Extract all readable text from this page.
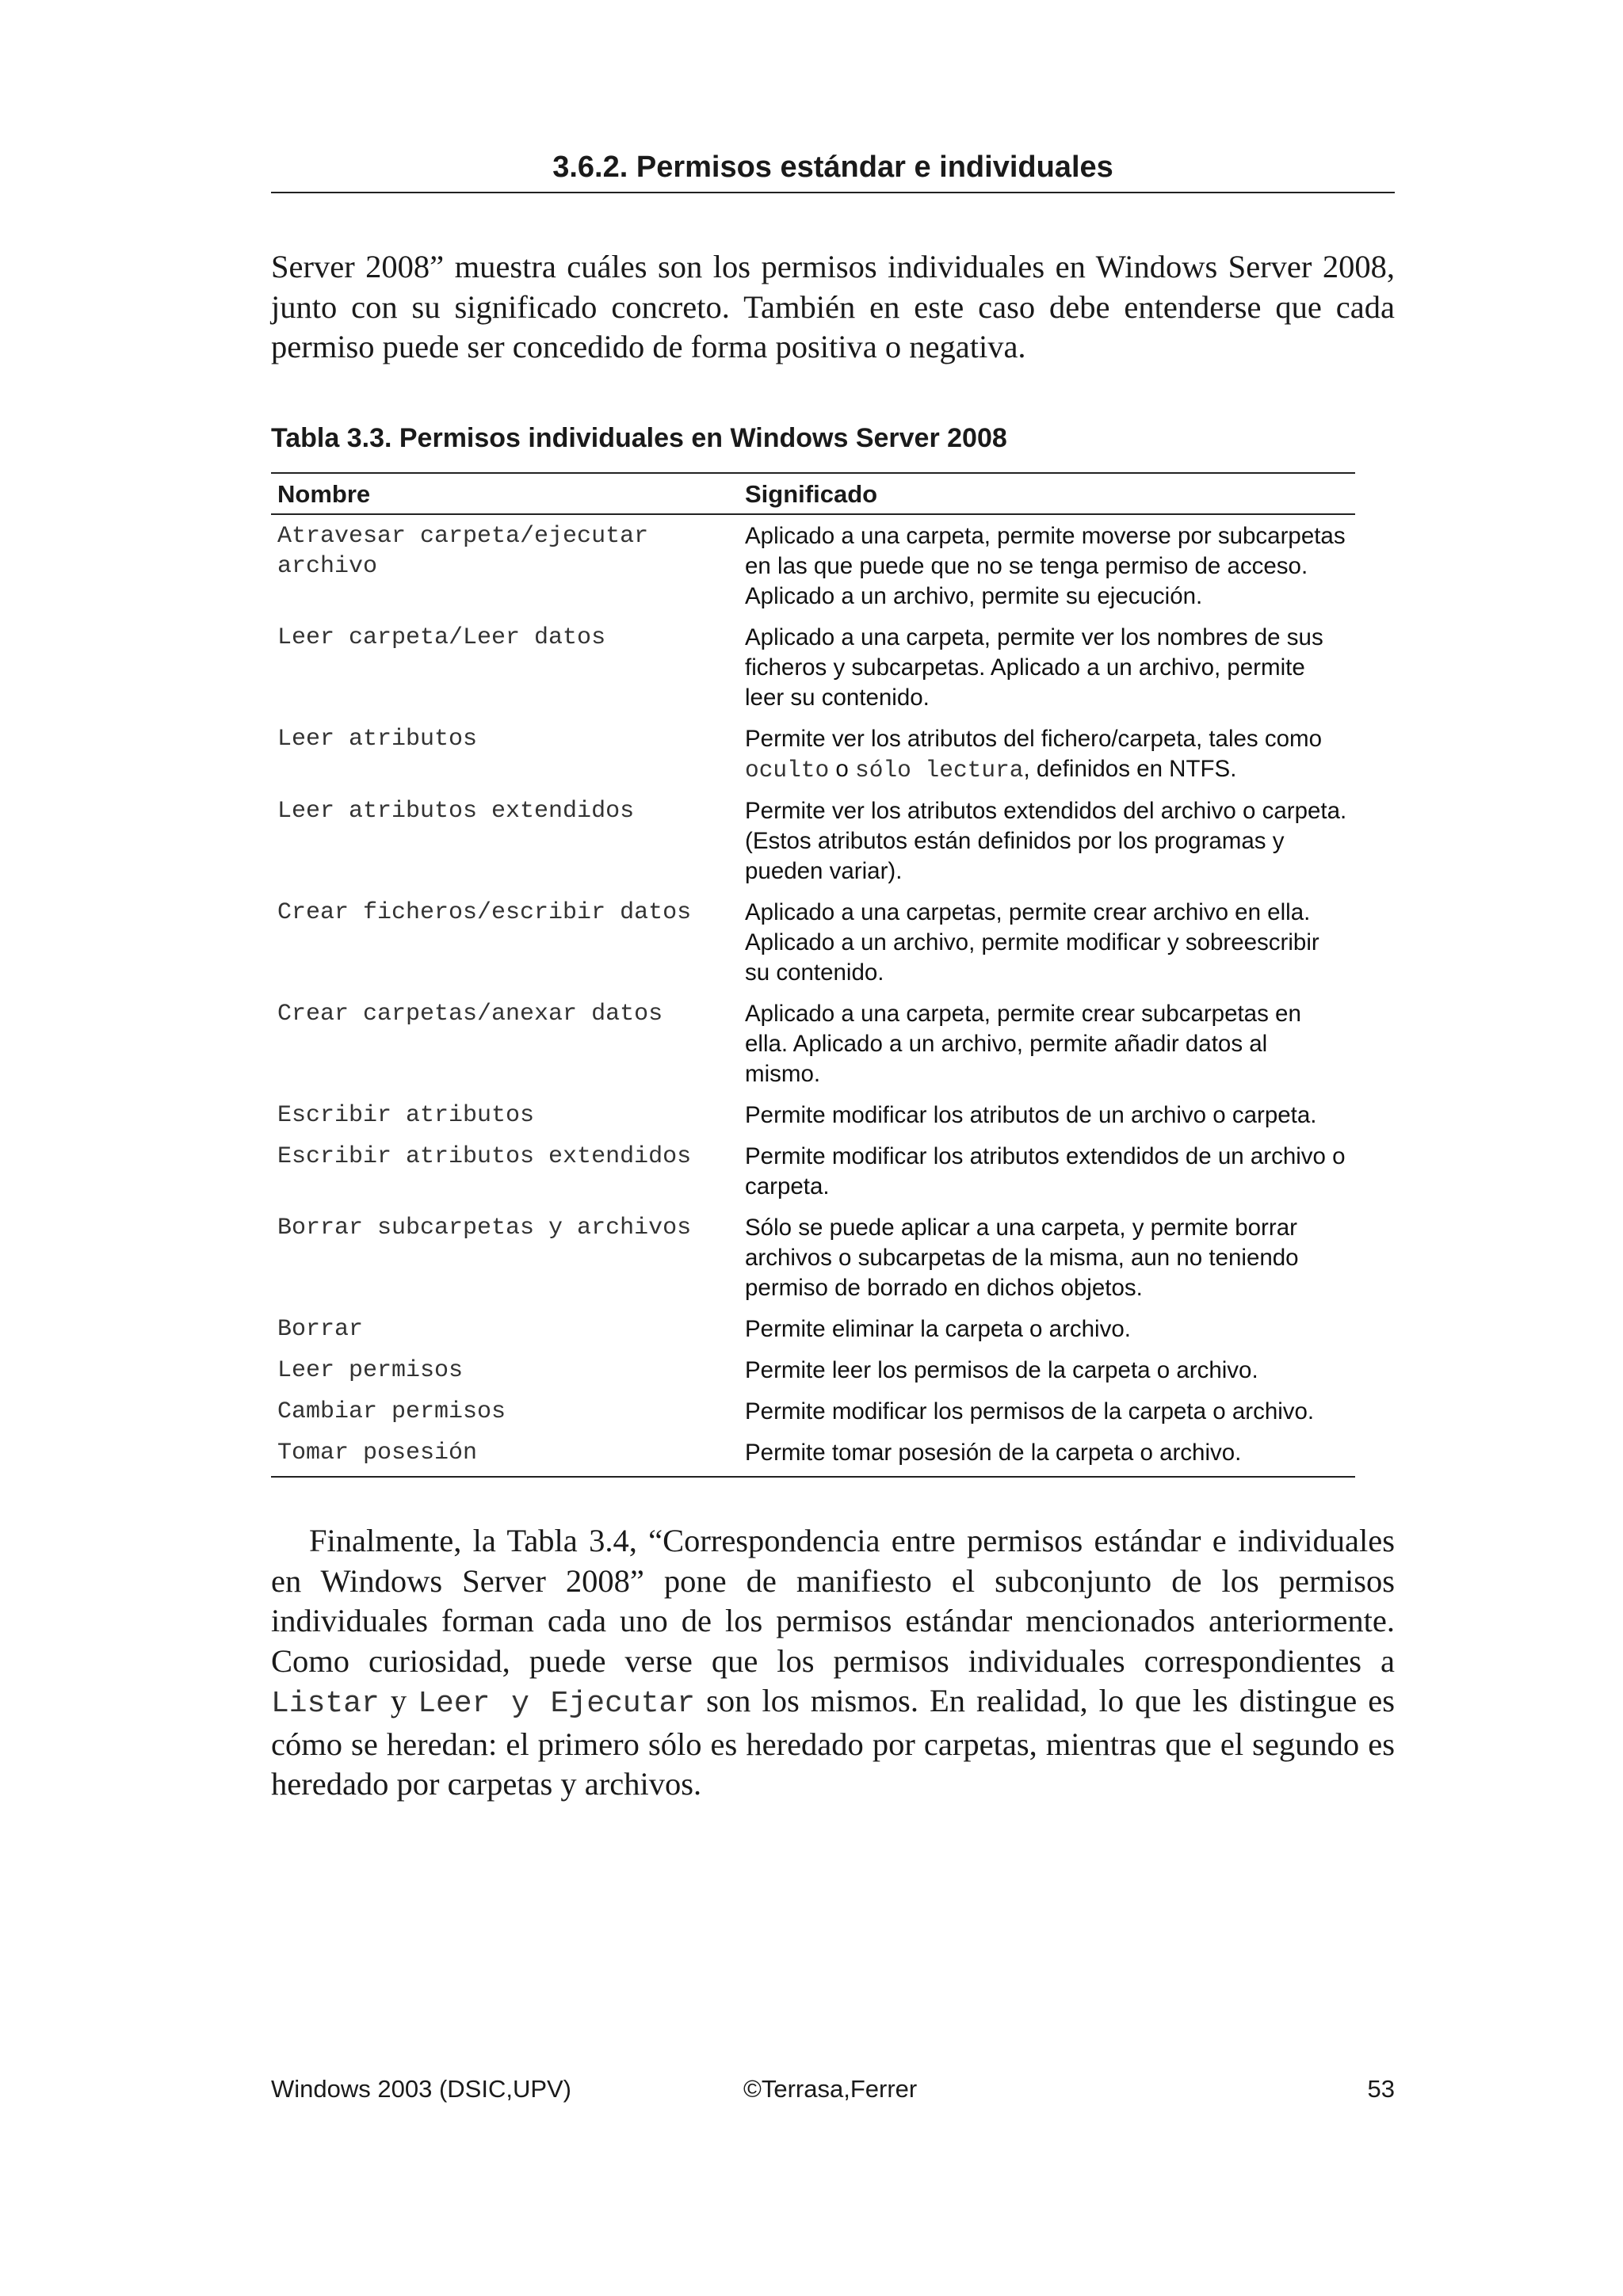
3.6.2. Permisos estándar e individuales

Server 2008” muestra cuáles son los permisos individuales en Windows Server 2008, junto con su significado concreto. También en este caso debe entenderse que cada permiso puede ser concedido de forma positiva o negativa.

Tabla 3.3. Permisos individuales en Windows Server 2008
Nombre	Significado
Atravesar carpeta/ejecutar archivo	Aplicado a una carpeta, permite moverse por subcarpetas en las que puede que no se tenga permiso de acceso. Aplicado a un archivo, permite su ejecución.
Leer carpeta/Leer datos	Aplicado a una carpeta, permite ver los nombres de sus ficheros y subcarpetas. Aplicado a un archivo, permite leer su contenido.
Leer atributos	Permite ver los atributos del fichero/carpeta, tales como oculto o sólo lectura, definidos en NTFS.
Leer atributos extendidos	Permite ver los atributos extendidos del archivo o carpeta. (Estos atributos están definidos por los programas y pueden variar).
Crear ficheros/escribir datos	Aplicado a una carpetas, permite crear archivo en ella. Aplicado a un archivo, permite modificar y sobreescribir su contenido.
Crear carpetas/anexar datos	Aplicado a una carpeta, permite crear subcarpetas en ella. Aplicado a un archivo, permite añadir datos al mismo.
Escribir atributos	Permite modificar los atributos de un archivo o carpeta.
Escribir atributos extendidos	Permite modificar los atributos extendidos de un archivo o carpeta.
Borrar subcarpetas y archivos	Sólo se puede aplicar a una carpeta, y permite borrar archivos o subcarpetas de la misma, aun no teniendo permiso de borrado en dichos objetos.
Borrar	Permite eliminar la carpeta o archivo.
Leer permisos	Permite leer los permisos de la carpeta o archivo.
Cambiar permisos	Permite modificar los permisos de la carpeta o archivo.
Tomar posesión	Permite tomar posesión de la carpeta o archivo.

Finalmente, la Tabla 3.4, “Correspondencia entre permisos estándar e individuales en Windows Server 2008” pone de manifiesto el subconjunto de los permisos individuales forman cada uno de los permisos estándar mencionados anteriormente. Como curiosidad, puede verse que los permisos individuales correspondientes a Listar y Leer y Ejecutar son los mismos. En realidad, lo que les distingue es cómo se heredan: el primero sólo es heredado por carpetas, mientras que el segundo es heredado por carpetas y archivos.

Windows 2003 (DSIC,UPV)	©Terrasa,Ferrer	53
